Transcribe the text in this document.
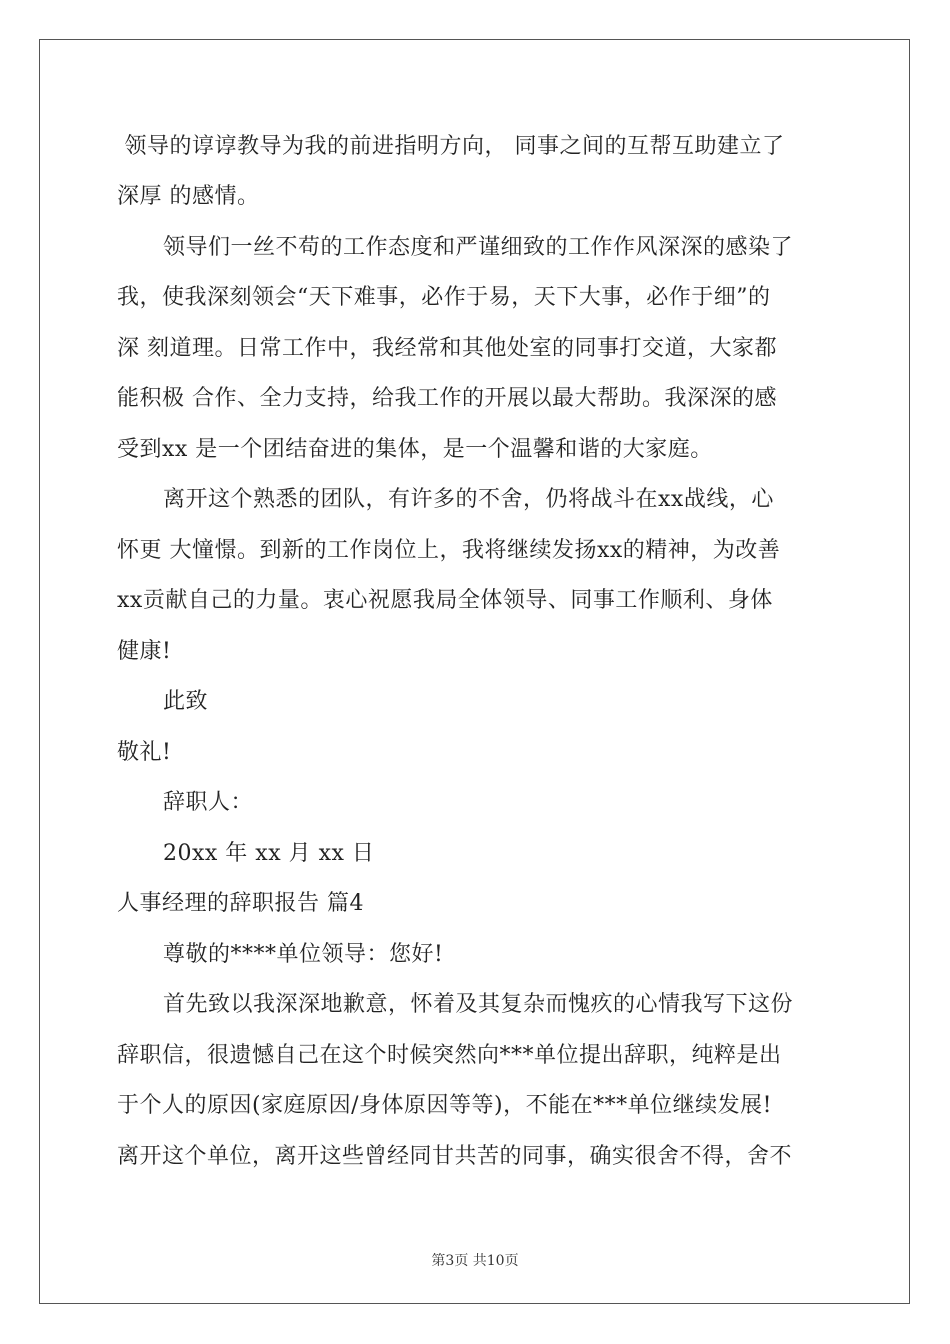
领导的谆谆教导为我的前进指明方向， 同事之间的互帮互助建立了
深厚 的感情。
领导们一丝不苟的工作态度和严谨细致的工作作风深深的感染了
我，使我深刻领会“天下难事，必作于易，天下大事，必作于细”的
深 刻道理。日常工作中，我经常和其他处室的同事打交道，大家都
能积极 合作、全力支持，给我工作的开展以最大帮助。我深深的感
受到xx 是一个团结奋进的集体，是一个温馨和谐的大家庭。
离开这个熟悉的团队，有许多的不舍，仍将战斗在xx战线，心
怀更 大憧憬。到新的工作岗位上，我将继续发扬xx的精神，为改善
xx贡献自己的力量。衷心祝愿我局全体领导、同事工作顺利、身体
健康!
此致
敬礼!
辞职人：
20xx 年 xx 月 xx 日
人事经理的辞职报告 篇4
尊敬的****单位领导：您好!
首先致以我深深地歉意，怀着及其复杂而愧疚的心情我写下这份
辞职信，很遗憾自己在这个时候突然向***单位提出辞职，纯粹是出
于个人的原因(家庭原因/身体原因等等)，不能在***单位继续发展!
离开这个单位，离开这些曾经同甘共苦的同事，确实很舍不得，舍不
第3页 共10页
